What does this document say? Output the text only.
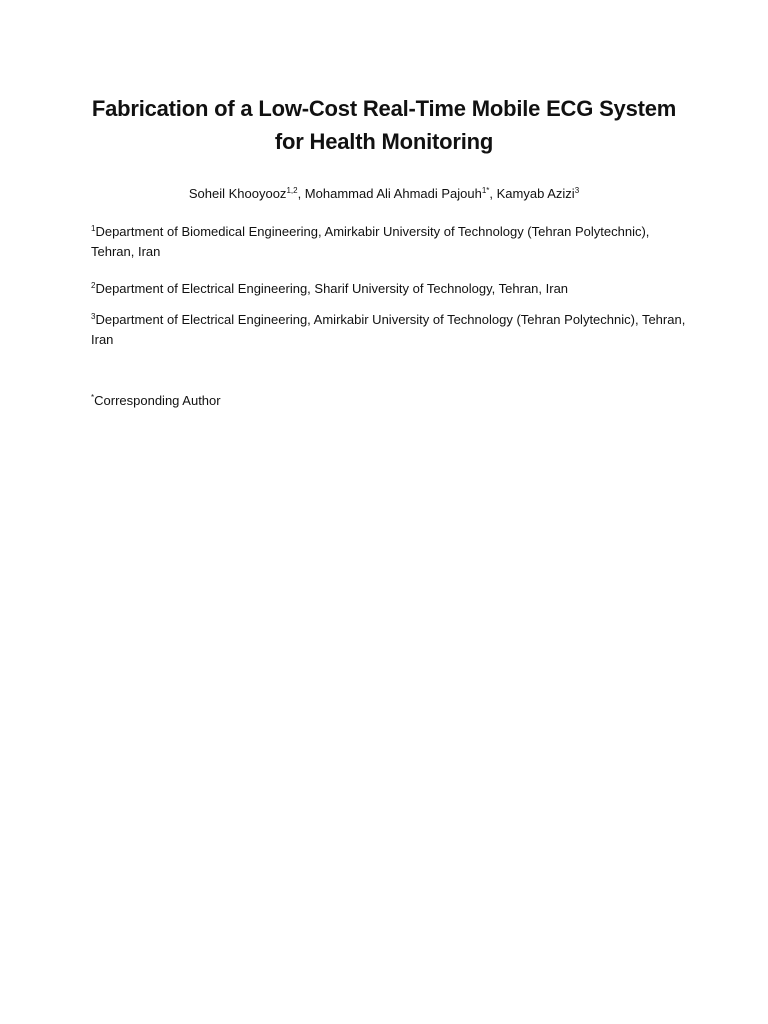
Fabrication of a Low-Cost Real-Time Mobile ECG System
for Health Monitoring
Soheil Khooyooz$^{1,2}$, Mohammad Ali Ahmadi Pajouh$^{1*}$, Kamyab Azizi$^3$
$^1$Department of Biomedical Engineering, Amirkabir University of Technology (Tehran Polytechnic), Tehran, Iran
$^2$Department of Electrical Engineering, Sharif University of Technology, Tehran, Iran
$^3$Department of Electrical Engineering, Amirkabir University of Technology (Tehran Polytechnic), Tehran, Iran
*Corresponding Author
